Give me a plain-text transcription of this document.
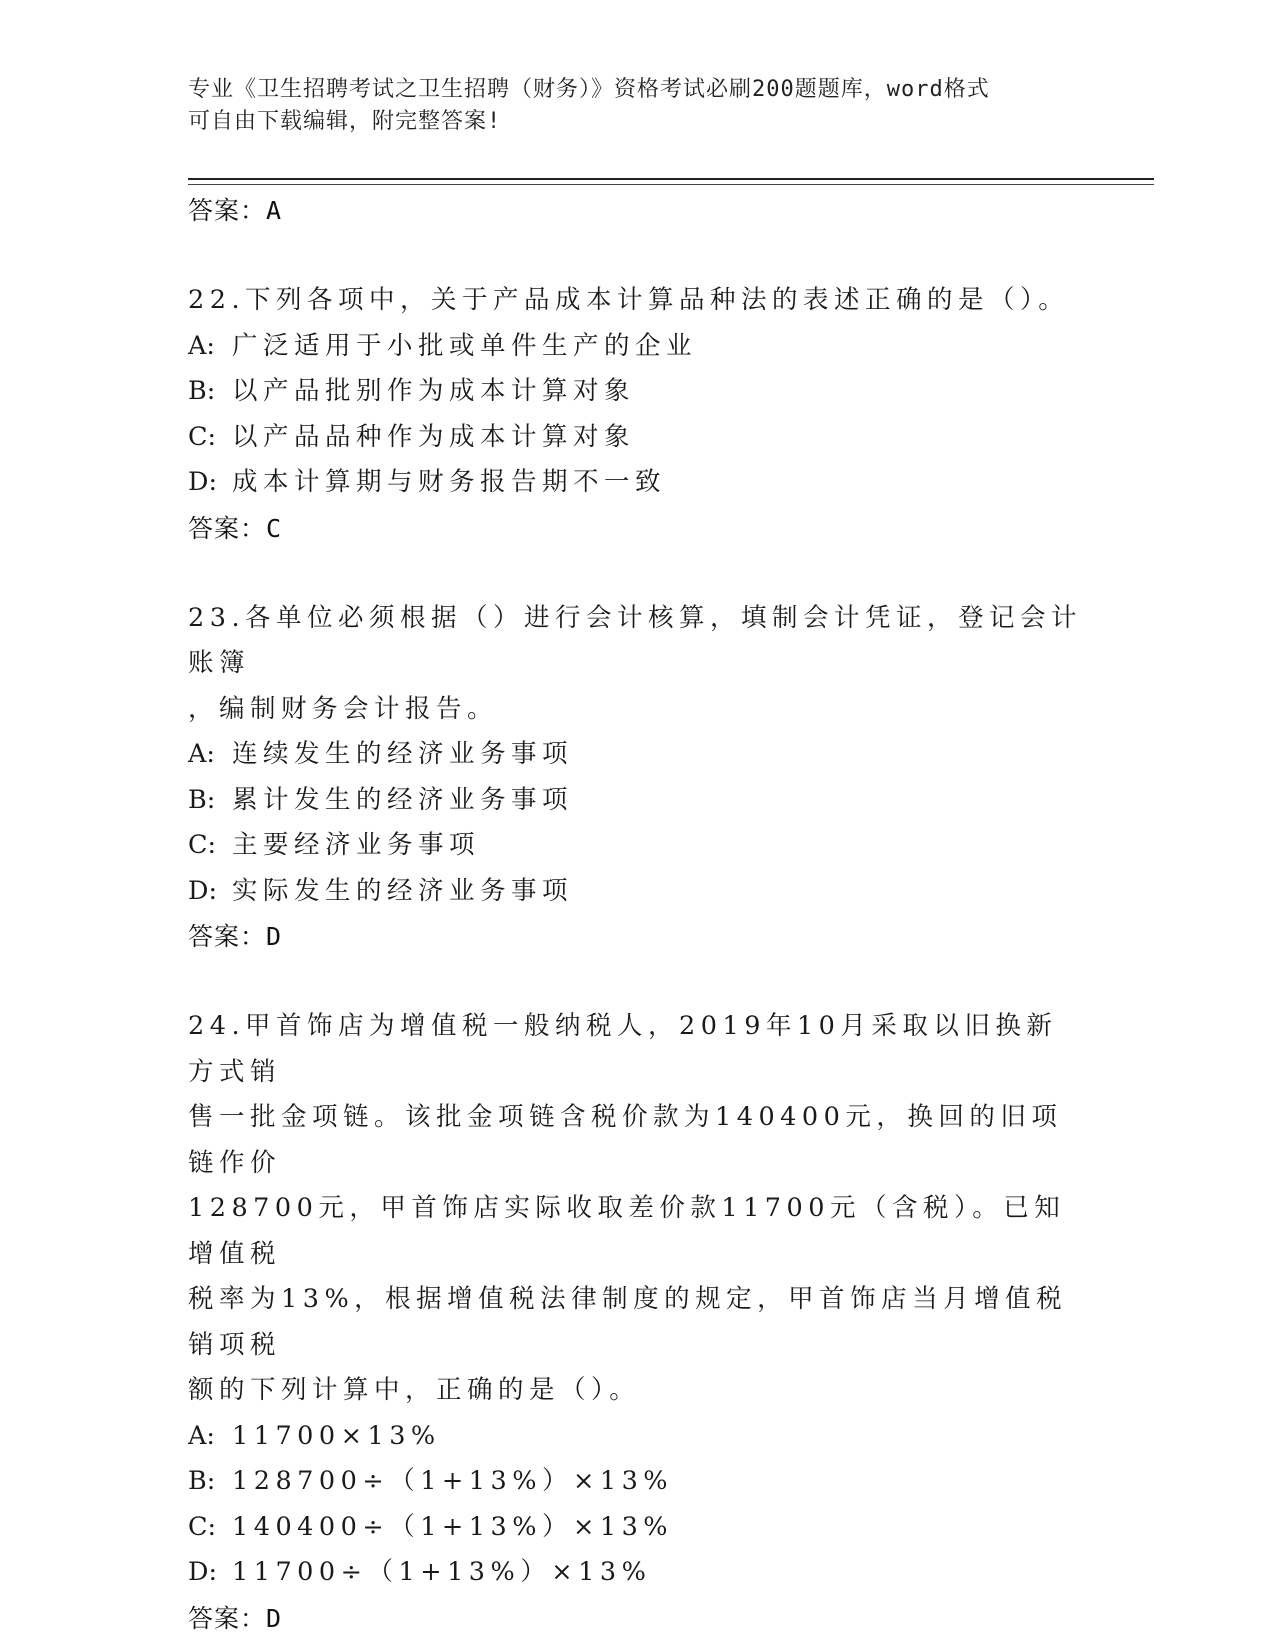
专业《卫生招聘考试之卫生招聘（财务）》资格考试必刷200题题库，word格式
可自由下载编辑，附完整答案!
答案：A
22.下列各项中，关于产品成本计算品种法的表述正确的是（）。
A: 广泛适用于小批或单件生产的企业
B: 以产品批别作为成本计算对象
C: 以产品品种作为成本计算对象
D: 成本计算期与财务报告期不一致
答案：C
23.各单位必须根据（）进行会计核算，填制会计凭证，登记会计账簿
，编制财务会计报告。
A: 连续发生的经济业务事项
B: 累计发生的经济业务事项
C: 主要经济业务事项
D: 实际发生的经济业务事项
答案：D
24.甲首饰店为增值税一般纳税人，2019年10月采取以旧换新方式销
售一批金项链。该批金项链含税价款为140400元，换回的旧项链作价
128700元，甲首饰店实际收取差价款11700元（含税）。已知增值税
税率为13%，根据增值税法律制度的规定，甲首饰店当月增值税销项税
额的下列计算中，正确的是（）。
A: 11700×13%
B: 128700÷（1+13%）×13%
C: 140400÷（1+13%）×13%
D: 11700÷（1+13%）×13%
答案：D
